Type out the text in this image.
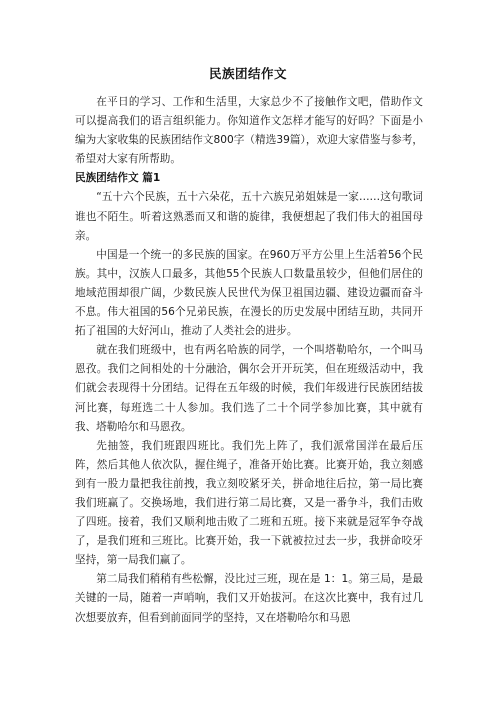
民族团结作文

在平日的学习、工作和生活里，大家总少不了接触作文吧，借助作文可以提高我们的语言组织能力。你知道作文怎样才能写的好吗？下面是小编为大家收集的民族团结作文800字（精选39篇），欢迎大家借鉴与参考，希望对大家有所帮助。

民族团结作文 篇1

“五十六个民族，五十六朵花，五十六族兄弟姐妹是一家……这句歌词谁也不陌生。听着这熟悉而又和谐的旋律，我便想起了我们伟大的祖国母亲。

中国是一个统一的多民族的国家。在960万平方公里上生活着56个民族。其中，汉族人口最多，其他55个民族人口数量虽较少，但他们居住的地域范围却很广阔，少数民族人民世代为保卫祖国边疆、建设边疆而奋斗不息。伟大祖国的56个兄弟民族，在漫长的历史发展中团结互助，共同开拓了祖国的大好河山，推动了人类社会的进步。

就在我们班级中，也有两名哈族的同学，一个叫塔勒哈尔，一个叫马恩孜。我们之间相处的十分融洽，偶尔会开开玩笑，但在班级活动中，我们就会表现得十分团结。记得在五年级的时候，我们年级进行民族团结拔河比赛，每班选二十人参加。我们选了二十个同学参加比赛，其中就有我、塔勒哈尔和马恩孜。

先抽签，我们班跟四班比。我们先上阵了，我们派常国洋在最后压阵，然后其他人依次队，握住绳子，准备开始比赛。比赛开始，我立刻感到有一股力量把我往前拽，我立刻咬紧牙关，拼命地往后拉，第一局比赛我们班赢了。交换场地，我们进行第二局比赛，又是一番争斗，我们击败了四班。接着，我们又顺利地击败了二班和五班。接下来就是冠军争夺战了，是我们班和三班比。比赛开始，我一下就被拉过去一步，我拼命咬牙坚持，第一局我们赢了。

第二局我们稍稍有些松懈，没比过三班，现在是 1：1。第三局，是最关键的一局，随着一声哨响，我们又开始拔河。在这次比赛中，我有过几次想要放弃，但看到前面同学的坚持，又在塔勒哈尔和马恩
